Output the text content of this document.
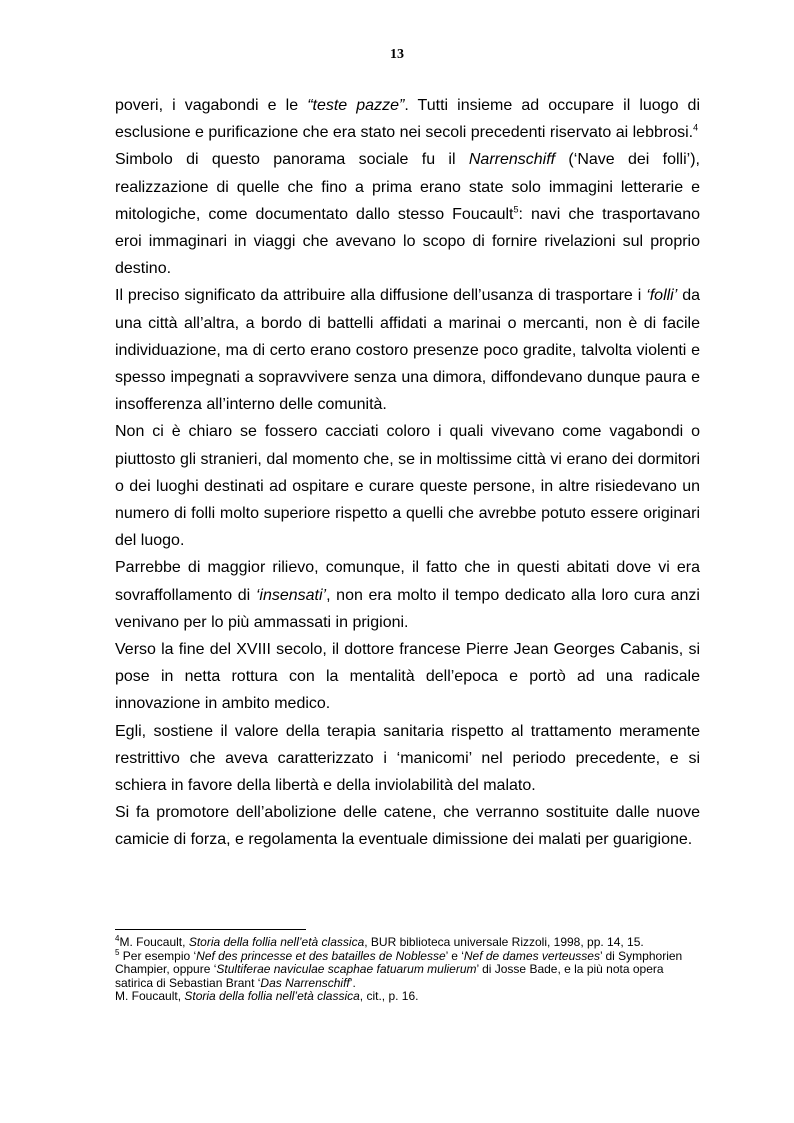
13

poveri, i vagabondi e le “teste pazze”. Tutti insieme ad occupare il luogo di esclusione e purificazione che era stato nei secoli precedenti riservato ai lebbrosi.$^4$

Simbolo di questo panorama sociale fu il Narrenschiff (‘Nave dei folli’), realizzazione di quelle che fino a prima erano state solo immagini letterarie e mitologiche, come documentato dallo stesso Foucault$^5$: navi che trasportavano eroi immaginari in viaggi che avevano lo scopo di fornire rivelazioni sul proprio destino.

Il preciso significato da attribuire alla diffusione dell’usanza di trasportare i ‘folli’ da una città all’altra, a bordo di battelli affidati a marinai o mercanti, non è di facile individuazione, ma di certo erano costoro presenze poco gradite, talvolta violenti e spesso impegnati a sopravvivere senza una dimora, diffondevano dunque paura e insofferenza all’interno delle comunità.

Non ci è chiaro se fossero cacciati coloro i quali vivevano come vagabondi o piuttosto gli stranieri, dal momento che, se in moltissime città vi erano dei dormitori o dei luoghi destinati ad ospitare e curare queste persone, in altre risiedevano un numero di folli molto superiore rispetto a quelli che avrebbe potuto essere originari del luogo.

Parrebbe di maggior rilievo, comunque, il fatto che in questi abitati dove vi era sovraffollamento di ‘insensati’, non era molto il tempo dedicato alla loro cura anzi venivano per lo più ammassati in prigioni.

Verso la fine del XVIII secolo, il dottore francese Pierre Jean Georges Cabanis, si pose in netta rottura con la mentalità dell’epoca e portò ad una radicale innovazione in ambito medico.

Egli, sostiene il valore della terapia sanitaria rispetto al trattamento meramente restrittivo che aveva caratterizzato i ‘manicomi’ nel periodo precedente, e si schiera in favore della libertà e della inviolabilità del malato.

Si fa promotore dell’abolizione delle catene, che verranno sostituite dalle nuove camicie di forza, e regolamenta la eventuale dimissione dei malati per guarigione.

$^4$M. Foucault, Storia della follia nell’età classica, BUR biblioteca universale Rizzoli, 1998, pp. 14, 15.

$^5$ Per esempio ‘Nef des princesse et des batailles de Noblesse’ e ‘Nef de dames verteusses’ di Symphorien Champier, oppure ‘Stultiferae naviculae scaphae fatuarum mulierum’ di Josse Bade, e la più nota opera satirica di Sebastian Brant ‘Das Narrenschiff’.

M. Foucault, Storia della follia nell’età classica, cit., p. 16.
